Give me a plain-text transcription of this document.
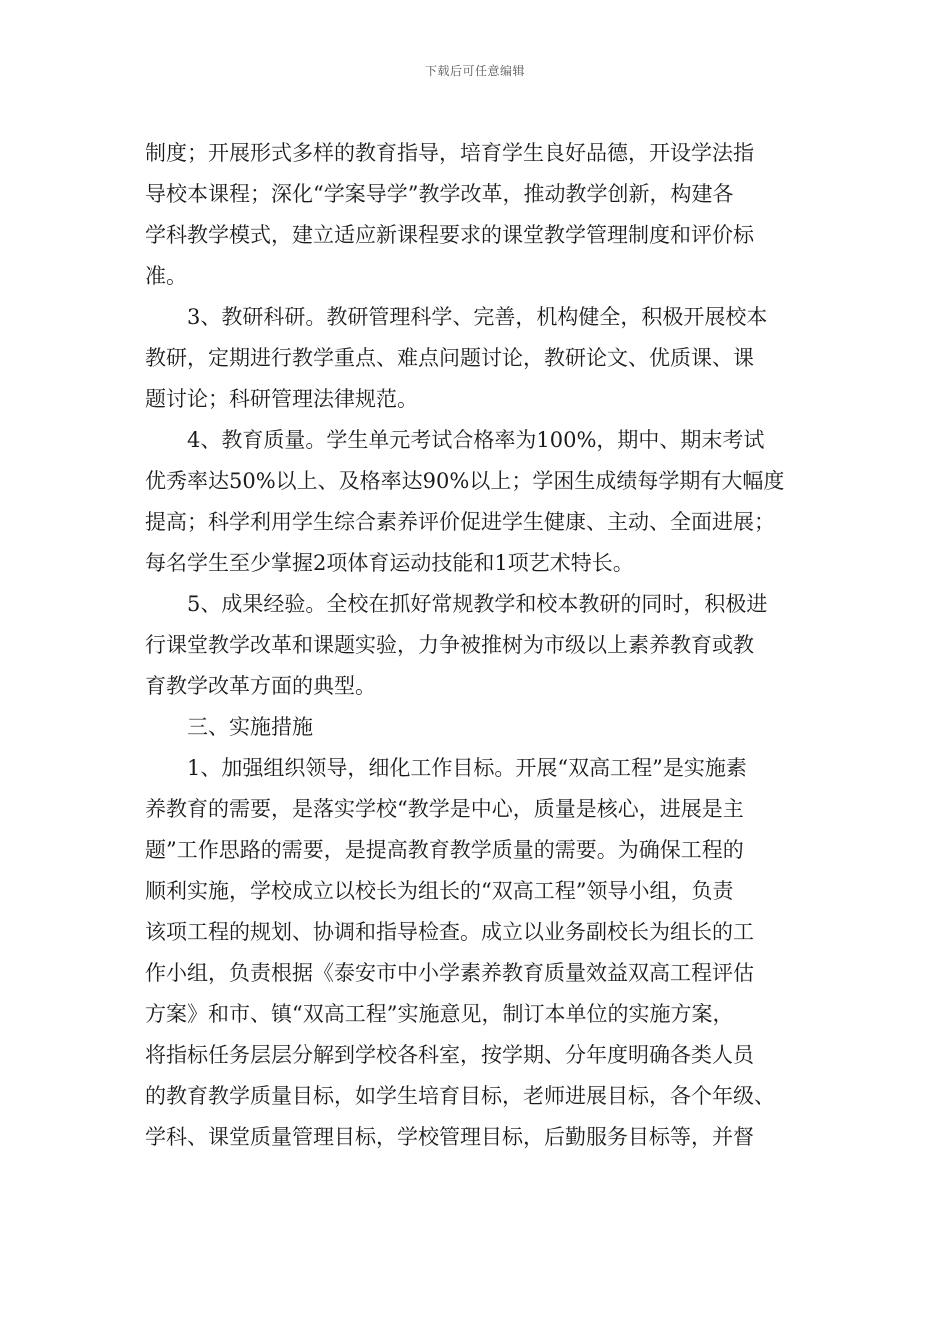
下载后可任意编辑
制度；开展形式多样的教育指导，培育学生良好品德，开设学法指
导校本课程；深化“学案导学”教学改革，推动教学创新，构建各
学科教学模式，建立适应新课程要求的课堂教学管理制度和评价标
准。
3、教研科研。教研管理科学、完善，机构健全，积极开展校本
教研，定期进行教学重点、难点问题讨论，教研论文、优质课、课
题讨论；科研管理法律规范。
4、教育质量。学生单元考试合格率为100%，期中、期末考试
优秀率达50%以上、及格率达90%以上；学困生成绩每学期有大幅度
提高；科学利用学生综合素养评价促进学生健康、主动、全面进展；
每名学生至少掌握2项体育运动技能和1项艺术特长。
5、成果经验。全校在抓好常规教学和校本教研的同时，积极进
行课堂教学改革和课题实验，力争被推树为市级以上素养教育或教
育教学改革方面的典型。
三、实施措施
1、加强组织领导，细化工作目标。开展“双高工程”是实施素
养教育的需要，是落实学校“教学是中心，质量是核心，进展是主
题”工作思路的需要，是提高教育教学质量的需要。为确保工程的
顺利实施，学校成立以校长为组长的“双高工程”领导小组，负责
该项工程的规划、协调和指导检查。成立以业务副校长为组长的工
作小组，负责根据《泰安市中小学素养教育质量效益双高工程评估
方案》和市、镇“双高工程”实施意见，制订本单位的实施方案，
将指标任务层层分解到学校各科室，按学期、分年度明确各类人员
的教育教学质量目标，如学生培育目标，老师进展目标，各个年级、
学科、课堂质量管理目标，学校管理目标，后勤服务目标等，并督
